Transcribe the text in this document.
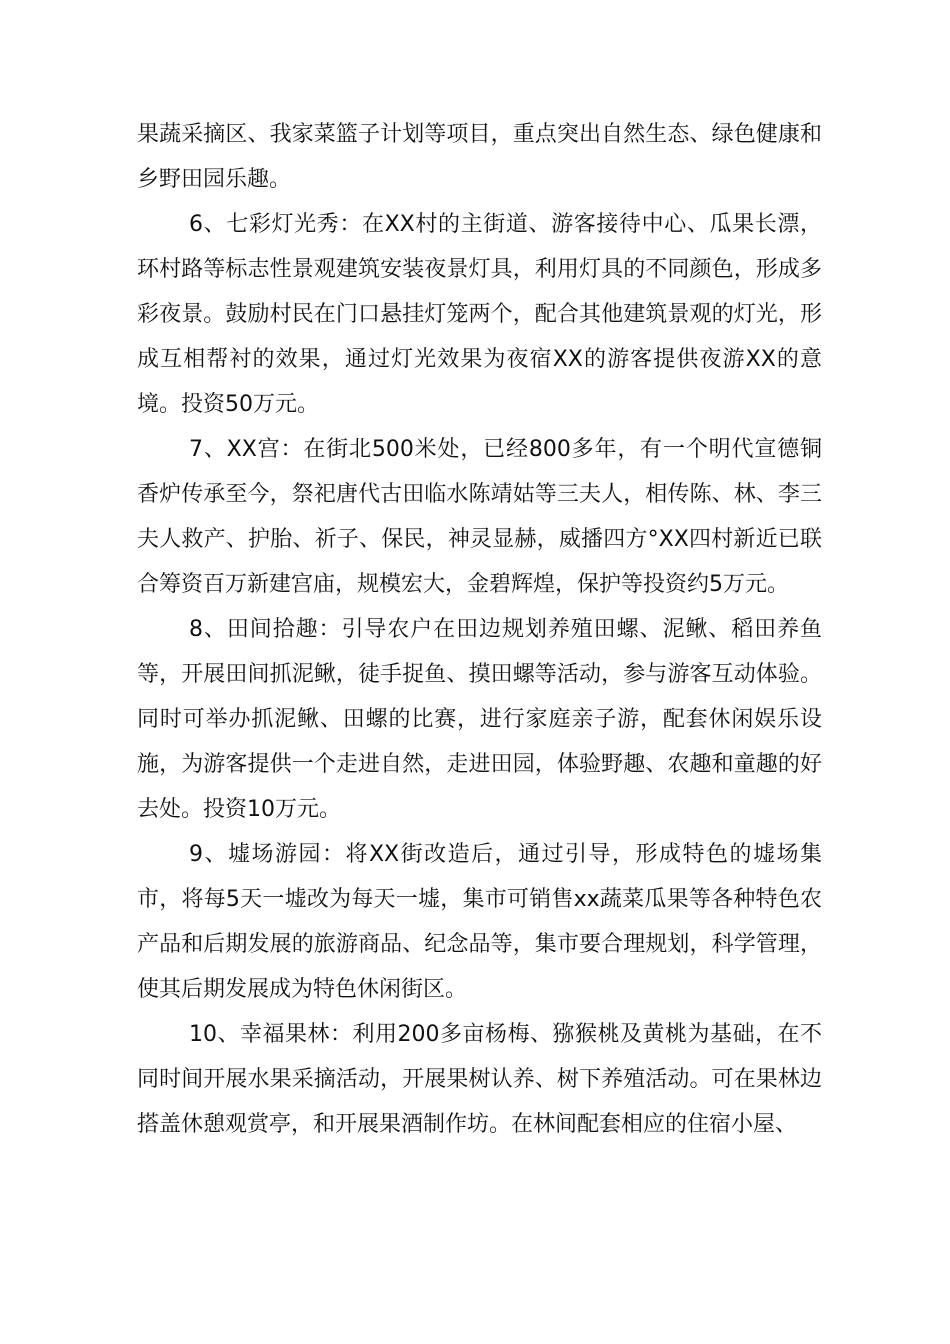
果蔬采摘区、我家菜篮子计划等项目，重点突出自然生态、绿色健康和乡野田园乐趣。

6、七彩灯光秀：在XX村的主街道、游客接待中心、瓜果长漂，环村路等标志性景观建筑安装夜景灯具，利用灯具的不同颜色，形成多彩夜景。鼓励村民在门口悬挂灯笼两个，配合其他建筑景观的灯光，形成互相帮衬的效果，通过灯光效果为夜宿XX的游客提供夜游XX的意境。投资50万元。

7、XX宫：在街北500米处，已经800多年，有一个明代宣德铜香炉传承至今，祭祀唐代古田临水陈靖姑等三夫人，相传陈、林、李三夫人救产、护胎、祈子、保民，神灵显赫，威播四方°XX四村新近已联合筹资百万新建宫庙，规模宏大，金碧辉煌，保护等投资约5万元。

8、田间拾趣：引导农户在田边规划养殖田螺、泥鳅、稻田养鱼等，开展田间抓泥鳅，徒手捉鱼、摸田螺等活动，参与游客互动体验。同时可举办抓泥鳅、田螺的比赛，进行家庭亲子游，配套休闲娱乐设施，为游客提供一个走进自然，走进田园，体验野趣、农趣和童趣的好去处。投资10万元。

9、墟场游园：将XX街改造后，通过引导，形成特色的墟场集市，将每5天一墟改为每天一墟，集市可销售xx蔬菜瓜果等各种特色农产品和后期发展的旅游商品、纪念品等，集市要合理规划，科学管理，使其后期发展成为特色休闲街区。

10、幸福果林：利用200多亩杨梅、猕猴桃及黄桃为基础，在不同时间开展水果采摘活动，开展果树认养、树下养殖活动。可在果林边搭盖休憩观赏亭，和开展果酒制作坊。在林间配套相应的住宿小屋、
